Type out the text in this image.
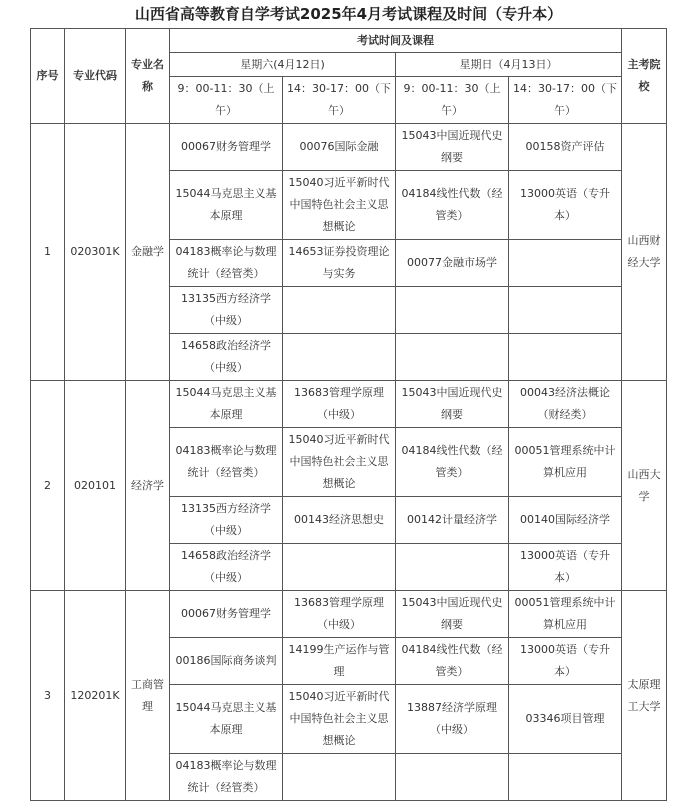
山西省高等教育自学考试2025年4月考试课程及时间（专升本）
序号	专业代码	专业名称	考试时间及课程				主考院校
			星期六(4月12日)		星期日（4月13日）		
			9：00-11：30（上午）	14：30-17：00（下午）	9：00-11：30（上午）	14：30-17：00（下午）	
1	020301K	金融学	00067财务管理学	00076国际金融	15043中国近现代史纲要	00158资产评估	山西财经大学
			15044马克思主义基本原理	15040习近平新时代中国特色社会主义思想概论	04184线性代数（经管类）	13000英语（专升本）	
			04183概率论与数理统计（经管类）	14653证券投资理论与实务	00077金融市场学		
			13135西方经济学（中级）				
			14658政治经济学（中级）				
2	020101	经济学	15044马克思主义基本原理	13683管理学原理（中级）	15043中国近现代史纲要	00043经济法概论（财经类）	山西大学
			04183概率论与数理统计（经管类）	15040习近平新时代中国特色社会主义思想概论	04184线性代数（经管类）	00051管理系统中计算机应用	
			13135西方经济学（中级）	00143经济思想史	00142计量经济学	00140国际经济学	
			14658政治经济学（中级）			13000英语（专升本）	
3	120201K	工商管理	00067财务管理学	13683管理学原理（中级）	15043中国近现代史纲要	00051管理系统中计算机应用	太原理工大学
			00186国际商务谈判	14199生产运作与管理	04184线性代数（经管类）	13000英语（专升本）	
			15044马克思主义基本原理	15040习近平新时代中国特色社会主义思想概论	13887经济学原理（中级）	03346项目管理	
			04183概率论与数理统计（经管类）				
